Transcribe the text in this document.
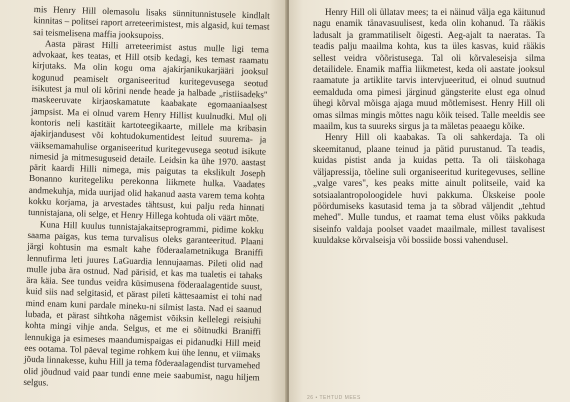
mis Henry Hill olemasolu lisaks sünnitunnistusele kindlalt kinnitas – politsei raport arreteerimistest, mis algasid, kui temast sai teismelisena maffia jooksupoiss.

Aasta pärast Hilli arreteerimist astus mulle ligi tema advokaat, kes teatas, et Hill otsib kedagi, kes temast raamatu kirjutaks. Ma olin kogu oma ajakirjanikukarjääri jooksul kogunud peamiselt organiseeritud kuritegevusega seotud isikutest ja mul oli kõrini nende heade ja halbade „ristiisadeks" maskeeruvate kirjaoskamatute kaabakate egomaaniaalsest jampsist. Ma ei olnud varem Henry Hillist kuulnudki. Mul oli kontoris neli kastitäit kartoteegikaarte, millele ma kribasin ajakirjandusest või kohtudokumentidest leitud suurema- ja väiksemamahulise organiseeritud kuritegevusega seotud isikute nimesid ja mitmesuguseid detaile. Leidsin ka ühe 1970. aastast pärit kaardi Hilli nimega, mis paigutas ta ekslikult Joseph Bonanno kuritegeliku perekonna liikmete hulka. Vaadates andmekuhja, mida uurijad olid hakanud aasta varem tema kohta kokku korjama, ja arvestades tähtsust, kui palju reda hinnati tunnistajana, oli selge, et Henry Hillega kohtuda oli väärt mõte.

Kuna Hill kuulus tunnistajakaitseprogrammi, pidime kokku saama paigas, kus tema turvalisus oleks garanteeritud. Plaani järgi kohtusin ma esmalt kahe föderaalametnikuga Braniffi lennufirma leti juures LaGuardia lennujaamas. Pileti olid nad mulle juba ära ostnud. Nad pärisid, et kas ma tualetis ei tahaks ära käia. See tundus veidra küsimusena föderaalagentide suust, kuid siis nad selgitasid, et pärast pileti kättesaamist ei tohi nad mind enam kuni pardale mineku-ni silmist lasta. Nad ei saanud lubada, et pärast sihtkoha nägemist võiksin kellelegi reisiuhi kohta mingi vihje anda. Selgus, et me ei sõitnudki Braniffi lennukiga ja esimeses maandumispaigas ei pidanudki Hill meid ees ootama. Tol päeval tegime rohkem kui ühe lennu, et viimaks jõuda linnakesse, kuhu Hill ja tema föderaalagendist turvamehed olid jõudnud vaid paar tundi enne meie saabumist, nagu hiljem selgus.

Henry Hill oli üllatav mees; ta ei näinud välja ega käitunud nagu enamik tänavasuulisest, keda olin kohanud. Ta rääkis ladusalt ja grammatiliselt õigesti. Aeg-ajalt ta naeratas. Ta teadis palju maailma kohta, kus ta üles kasvas, kuid rääkis sellest veidra võõristusega. Tal oli kõrvaleseisja silma detailidele. Enamik maffia liikmetest, keda oli aastate jooksul raamatute ja artiklite tarvis intervjueeritud, ei olnud suutnud eemalduda oma pimesi järginud gängsterite elust ega olnud ühegi kõrval mõisga ajaga muud mõtlemisest. Henry Hill oli omas silmas mingis mõttes nagu kõik teised. Talle meeldis see maailm, kus ta suureks sirgus ja ta mäletas peaaegu kõike.

Henry Hill oli kaabakas. Ta oli sahkerdaja. Ta oli skeemitanud, plaane teinud ja pätid purustanud. Ta teadis, kuidas pistist anda ja kuidas petta. Ta oli täiskohaga väljapressija, tõeline suli organiseeritud kuritegevuses, selline „valge vares", kes peaks mitte ainult politseile, vaid ka sotsiaalantropoloogidele huvi pakkuma. Ükskeise poole pöördumiseks kasutasid tema ja ta sõbrad väljendit „tehtud mehed". Mulle tundus, et raamat tema elust võiks pakkuda siseinfo valdaja poolset vaadet maailmale, millest tavalisest kuuldakse kõrvalseisja või bossiide bossi vahendusel.

26 • TEHTUD MEES
